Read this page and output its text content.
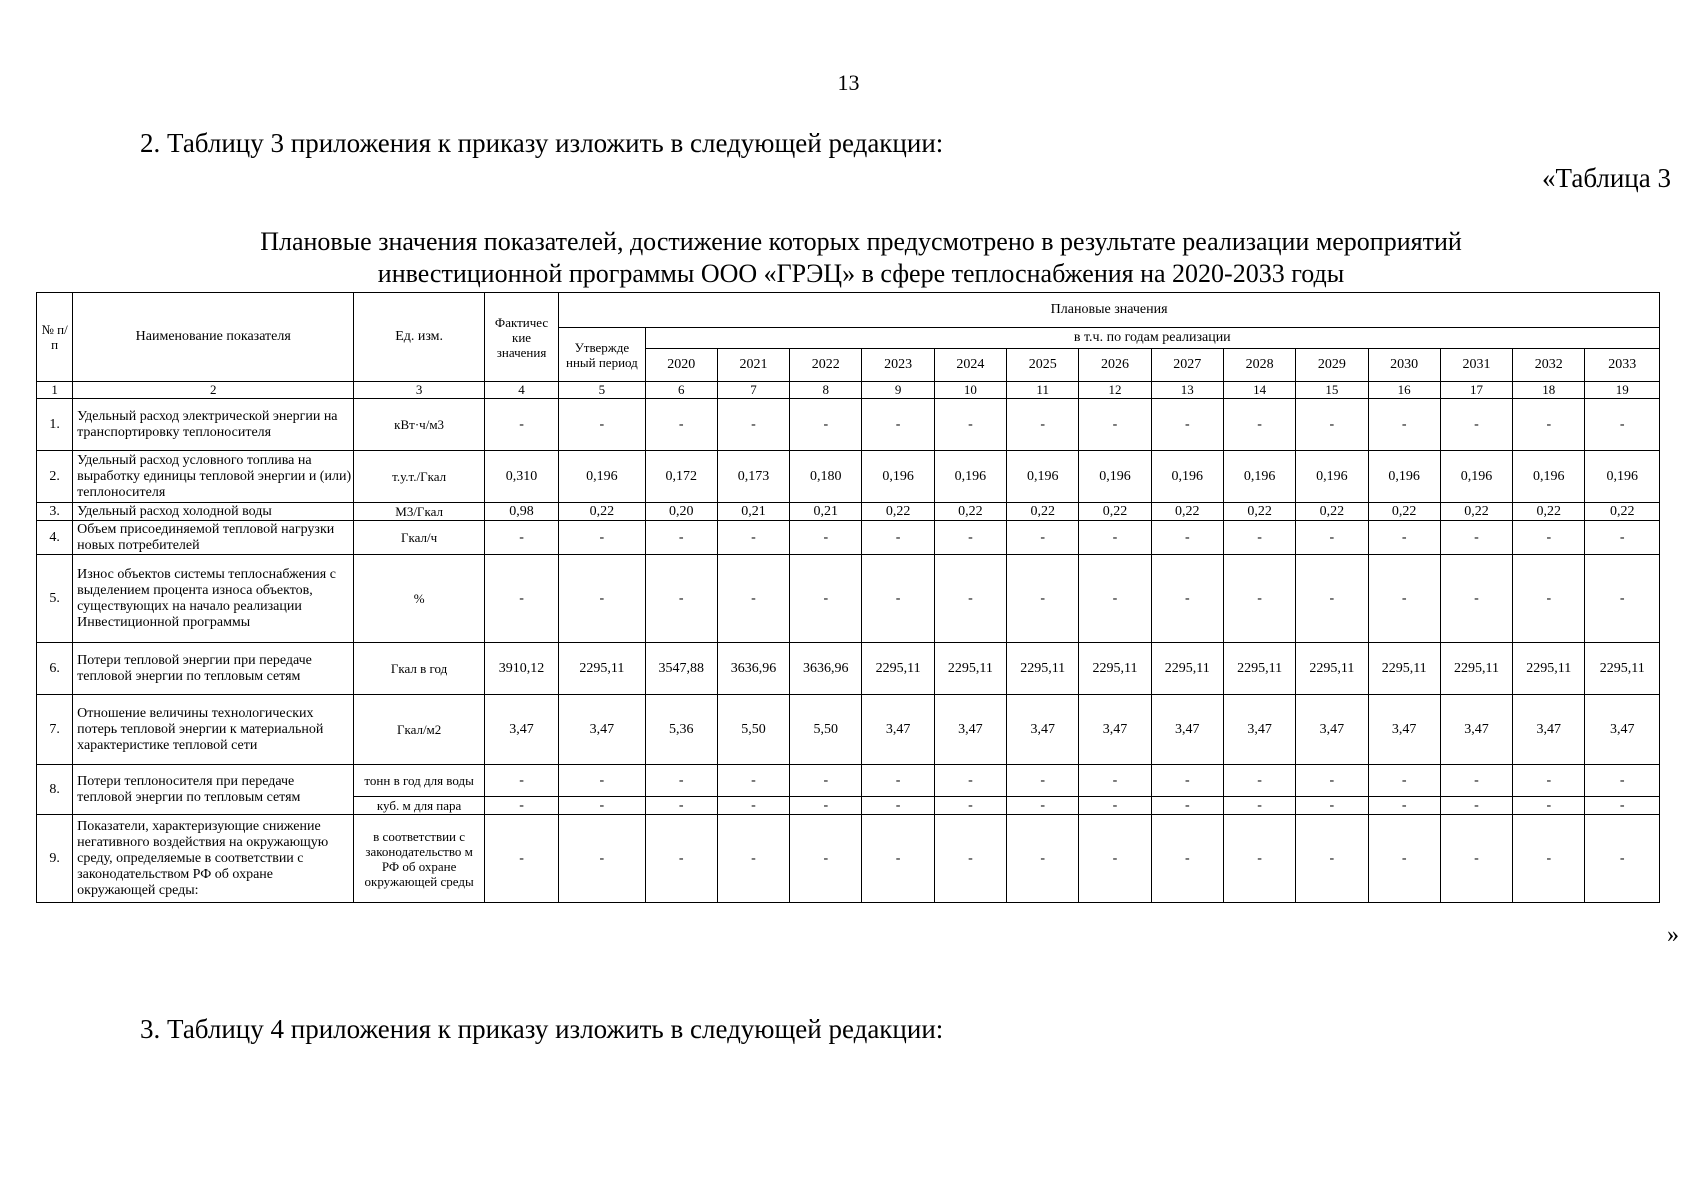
13
2. Таблицу 3 приложения к приказу изложить в следующей редакции:
«Таблица 3
Плановые значения показателей, достижение которых предусмотрено в результате реализации мероприятий
инвестиционной программы ООО «ГРЭЦ» в сфере теплоснабжения на 2020-2033 годы
№ п/п	Наименование показателя	Ед. изм.	Фактичес кие значения	Плановые значения														
				Утвержде нный период	в т.ч. по годам реализации													
					2020	2021	2022	2023	2024	2025	2026	2027	2028	2029	2030	2031	2032	2033
1	2	3	4	5	6	7	8	9	10	11	12	13	14	15	16	17	18	19
1.	Удельный расход электрической энергии на транспортировку теплоносителя	кВт·ч/м3	-	-	-	-	-	-	-	-	-	-	-	-	-	-	-	-
2.	Удельный расход условного топлива на выработку единицы тепловой энергии и (или) теплоносителя	т.у.т./Гкал	0,310	0,196	0,172	0,173	0,180	0,196	0,196	0,196	0,196	0,196	0,196	0,196	0,196	0,196	0,196	0,196
3.	Удельный расход холодной воды	М3/Гкал	0,98	0,22	0,20	0,21	0,21	0,22	0,22	0,22	0,22	0,22	0,22	0,22	0,22	0,22	0,22	0,22
4.	Объем присоединяемой тепловой нагрузки новых потребителей	Гкал/ч	-	-	-	-	-	-	-	-	-	-	-	-	-	-	-	-
5.	Износ объектов системы теплоснабжения с выделением процента износа объектов, существующих на начало реализации Инвестиционной программы	%	-	-	-	-	-	-	-	-	-	-	-	-	-	-	-	-
6.	Потери тепловой энергии при передаче тепловой энергии по тепловым сетям	Гкал в год	3910,12	2295,11	3547,88	3636,96	3636,96	2295,11	2295,11	2295,11	2295,11	2295,11	2295,11	2295,11	2295,11	2295,11	2295,11	2295,11
7.	Отношение величины технологических потерь тепловой энергии к материальной характеристике тепловой сети	Гкал/м2	3,47	3,47	5,36	5,50	5,50	3,47	3,47	3,47	3,47	3,47	3,47	3,47	3,47	3,47	3,47	3,47
8.	Потери теплоносителя при передаче тепловой энергии по тепловым сетям	тонн в год для воды	-	-	-	-	-	-	-	-	-	-	-	-	-	-	-	-
		куб. м для пара	-	-	-	-	-	-	-	-	-	-	-	-	-	-	-	-
9.	Показатели, характеризующие снижение негативного воздействия на окружающую среду, определяемые в соответствии с законодательством РФ об охране окружающей среды:	в соответствии с законодательство м РФ об охране окружающей среды	-	-	-	-	-	-	-	-	-	-	-	-	-	-	-	-
»
3. Таблицу 4 приложения к приказу изложить в следующей редакции:
